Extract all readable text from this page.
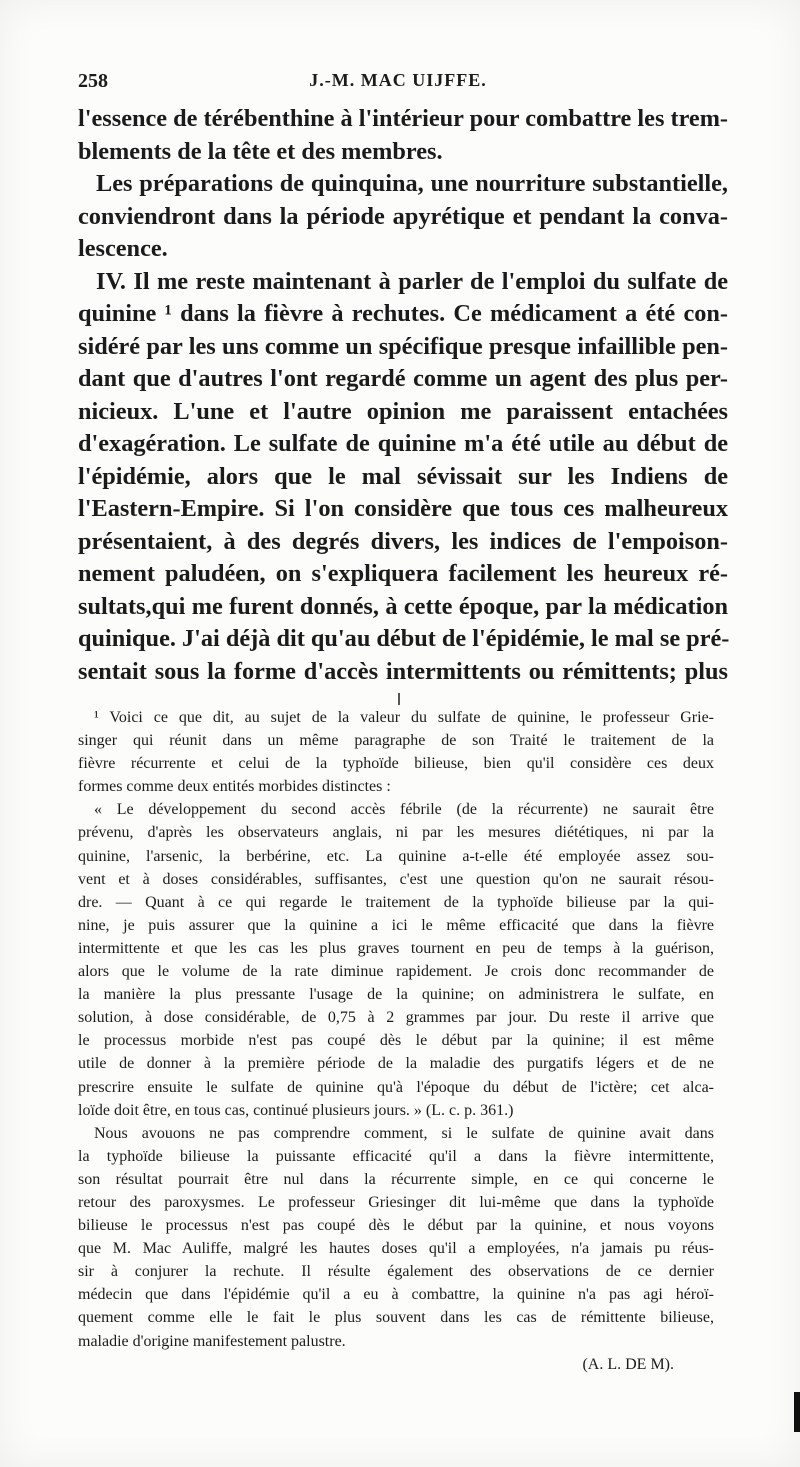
258	J.-M. MAC UIJFFE.
l'essence de térébenthine à l'intérieur pour combattre les trem-
blements de la tête et des membres.
Les préparations de quinquina, une nourriture substantielle,
conviendront dans la période apyrétique et pendant la conva-
lescence.
IV. Il me reste maintenant à parler de l'emploi du sulfate de
quinine ¹ dans la fièvre à rechutes. Ce médicament a été con-
sidéré par les uns comme un spécifique presque infaillible pen-
dant que d'autres l'ont regardé comme un agent des plus per-
nicieux. L'une et l'autre opinion me paraissent entachées
d'exagération. Le sulfate de quinine m'a été utile au début de
l'épidémie, alors que le mal sévissait sur les Indiens de
l'Eastern-Empire. Si l'on considère que tous ces malheureux
présentaient, à des degrés divers, les indices de l'empoison-
nement paludéen, on s'expliquera facilement les heureux ré-
sultats,qui me furent donnés, à cette époque, par la médication
quinique. J'ai déjà dit qu'au début de l'épidémie, le mal se pré-
sentait sous la forme d'accès intermittents ou rémittents; plus
¹ Voici ce que dit, au sujet de la valeur du sulfate de quinine, le professeur Grie-
singer qui réunit dans un même paragraphe de son Traité le traitement de la
fièvre récurrente et celui de la typhoïde bilieuse, bien qu'il considère ces deux
formes comme deux entités morbides distinctes :
« Le développement du second accès fébrile (de la récurrente) ne saurait être
prévenu, d'après les observateurs anglais, ni par les mesures diététiques, ni par la
quinine, l'arsenic, la berbérine, etc. La quinine a-t-elle été employée assez sou-
vent et à doses considérables, suffisantes, c'est une question qu'on ne saurait résou-
dre. — Quant à ce qui regarde le traitement de la typhoïde bilieuse par la qui-
nine, je puis assurer que la quinine a ici le même efficacité que dans la fièvre
intermittente et que les cas les plus graves tournent en peu de temps à la guérison,
alors que le volume de la rate diminue rapidement. Je crois donc recommander de
la manière la plus pressante l'usage de la quinine; on administrera le sulfate, en
solution, à dose considérable, de 0,75 à 2 grammes par jour. Du reste il arrive que
le processus morbide n'est pas coupé dès le début par la quinine; il est même
utile de donner à la première période de la maladie des purgatifs légers et de ne
prescrire ensuite le sulfate de quinine qu'à l'époque du début de l'ictère; cet alca-
loïde doit être, en tous cas, continué plusieurs jours. » (L. c. p. 361.)
Nous avouons ne pas comprendre comment, si le sulfate de quinine avait dans
la typhoïde bilieuse la puissante efficacité qu'il a dans la fièvre intermittente,
son résultat pourrait être nul dans la récurrente simple, en ce qui concerne le
retour des paroxysmes. Le professeur Griesinger dit lui-même que dans la typhoïde
bilieuse le processus n'est pas coupé dès le début par la quinine, et nous voyons
que M. Mac Auliffe, malgré les hautes doses qu'il a employées, n'a jamais pu réus-
sir à conjurer la rechute. Il résulte également des observations de ce dernier
médecin que dans l'épidémie qu'il a eu à combattre, la quinine n'a pas agi héroï-
quement comme elle le fait le plus souvent dans les cas de rémittente bilieuse,
maladie d'origine manifestement palustre.
(A. L. DE M).
